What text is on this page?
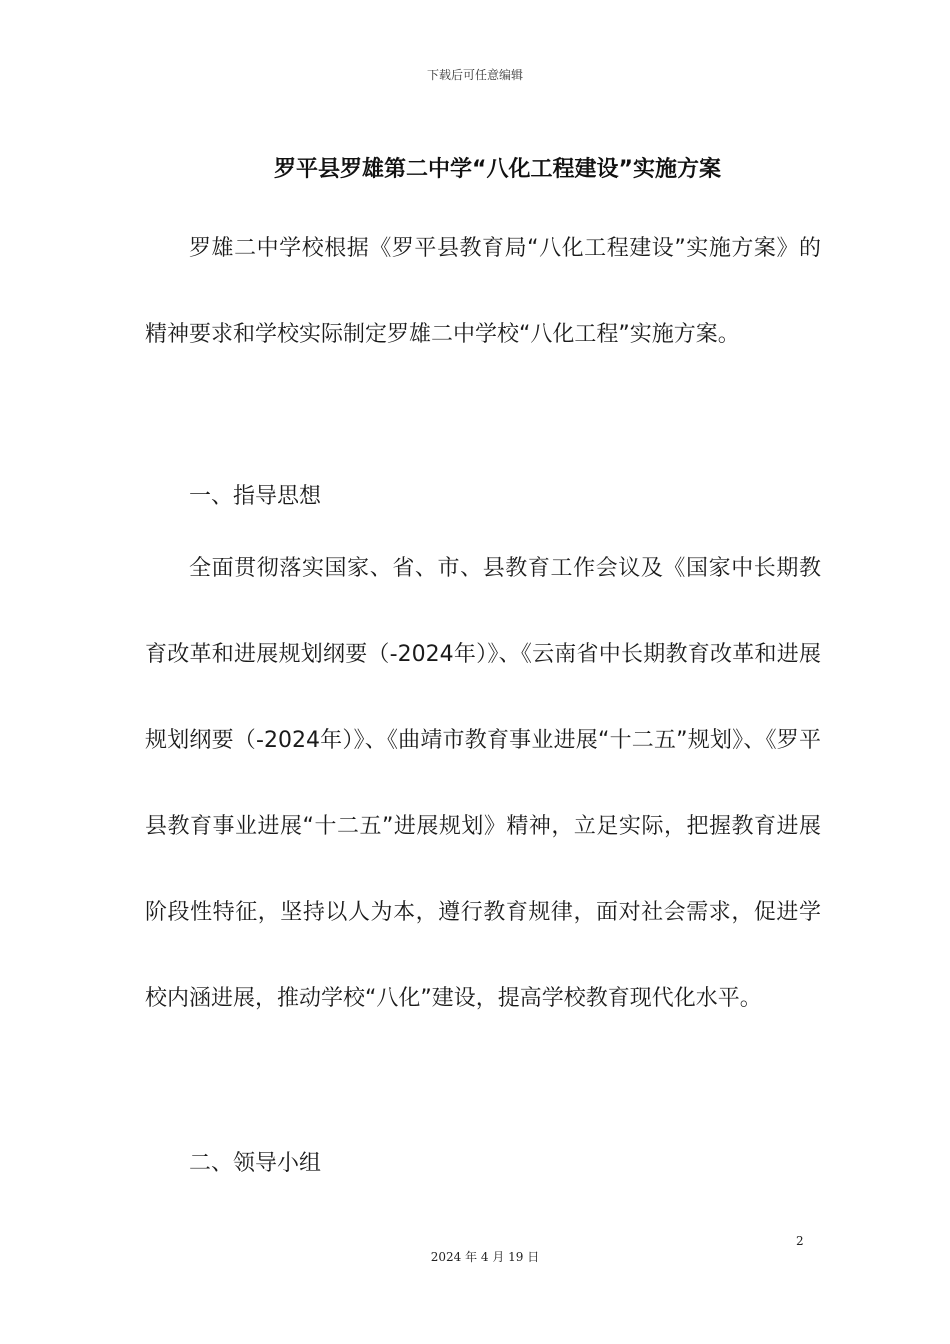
下载后可任意编辑
罗平县罗雄第二中学“八化工程建设”实施方案

罗雄二中学校根据《罗平县教育局“八化工程建设”实施方案》的精神要求和学校实际制定罗雄二中学校“八化工程”实施方案。

一、指导思想

全面贯彻落实国家、省、市、县教育工作会议及《国家中长期教育改革和进展规划纲要（-2024年）》、《云南省中长期教育改革和进展规划纲要（-2024年）》、《曲靖市教育事业进展“十二五”规划》、《罗平县教育事业进展“十二五”进展规划》精神，立足实际，把握教育进展阶段性特征，坚持以人为本，遵行教育规律，面对社会需求，促进学校内涵进展，推动学校“八化”建设，提高学校教育现代化水平。

二、领导小组

2
2024 年 4 月 19 日
